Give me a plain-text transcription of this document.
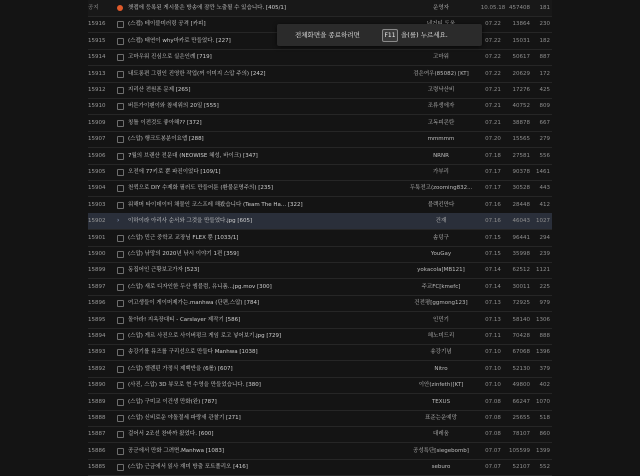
공지	챗캡에 등록된 게시물은 방송에 잠깐 노출될 수 있습니다. [405/1]	운영자	10.05.18 457408	181
15916	(스캡) 테이블미러링 공격 [카피]	07.22	13864	230
15915	(스캡) 태연이 why마카로 만들었다. [227]	07.22	15031	182
15914	고마우워 진심으로 실은인례 [719]	고마워	07.22	50617	887
15913	내도롱편 그림인 진영한 작업(꺼 이미지 스압 주의) [242]	검은여우(85082) [KT]	07.22	20629	172
15912	지리산 전원폰 문제 [265]	고령낙산비	07.21	17276	425
15910	버튼가이팬이와 참세위의 20일 [555]	조류생에자	07.21	40752	809
15909	칭틀 이전것도 좋아해?? [372]	고독피콘탄	07.21	38878	667
15907	(스압) 행크도봉분이요앱 [288]	mmmmm	07.20	15565	279
15906	7월의 브랜산 전문대 (NEOWISE 혜성, 바이크) [347]	NRNR	07.18	27581	556
15905	오전에 77키로 뿐 파진이었다 [109/1]	가부리	07.17	90378	1461
15904	천퀵으로 DIY 수제화 필러도 만들어툰 (환불문명주의) [235]	두툭전고(zooming832...	07.17	30528	443
15903	워해머 타이데이터 채물인 코스프레 해봤습니다 (Team The Ha... [322]	블랙킨만다	07.16	28448	412
15902	›	이하이라 아리사 순서와 그것을 만들었다.jpg [605]	건재	07.16	46043	1027
15901	(스압) 민근 중학교 교장님 FLEX 뿐 [1033/1]	솜덩구	07.15	96441	294
15900	(스압) 낚망의 2020년 낚시 이야기 1편 [359]	YouGay	07.15	35998	239
15899	동집어인 근황보고가자 [523]	yokacola[MB121]	07.14	62512	1121
15897	(스압) 새로 디자인한 두산 엠블럼, 유니폼...jpg.mov [300]	주교FC[kmefc]	07.14	30011	225
15896	여고생들이 게이머제가는.manhwa (단편,스압) [784]	건전평[ggmong123]	07.13	72925	979
15895	돌아라! 지옥장대티 - Carslayer 제작기 [586]	인민기	07.13	58140	1306
15894	(스압) 게르 사진으로 사이버펑크 게임 로고 넣어보기.jpg [729]	헤노미드리	07.11	70428	888
15893	송강기를 뮤즈를 구리선으로 만들다 Manhwa [1038]	송강기념	07.10	67068	1396
15892	(스압) 엘렌핀 가정식 제백반을 (6롤) [607]	Nitro	07.10	52130	379
15890	(사진, 스압) 3D 뷰모로 현 수영을 만들었습니다. [380]	이안(zinfeth)[KT]	07.10	49800	402
15889	(스압) 구미교 이건생 만화(완) [787]	TEXUS	07.08	66247	1070
15888	(스압) 신비로운 야돌절세 파랑새 관찰기 [271]	표준는운예망	07.08	25655	518
15887	걸어서 2조선 찬바까 왔었다. [600]	대레움	07.08	78107	860
15886	공군에서 만화 그려면.Manhwa [1083]	공성특단[siegebomb]	07.07	105599	1399
15885	(스압) 근금에서 읽사 재미 방출 포트폴리오 [416]	seburo	07.07	52107	552
전체화면을 종료하려면	F11 을(를) 누르세요.
